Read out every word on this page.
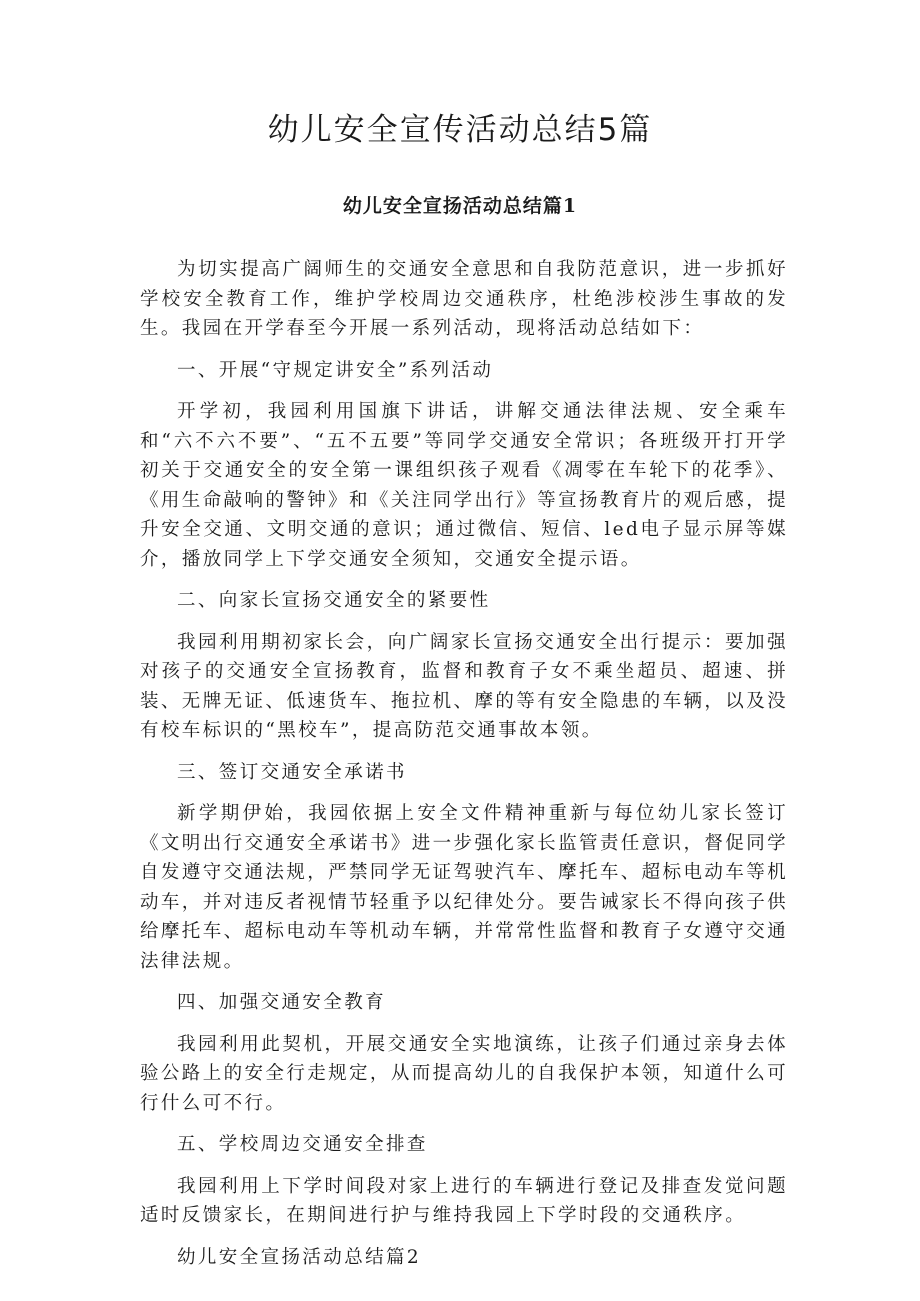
幼儿安全宣传活动总结5篇
幼儿安全宣扬活动总结篇1

为切实提高广阔师生的交通安全意思和自我防范意识，进一步抓好学校安全教育工作，维护学校周边交通秩序，杜绝涉校涉生事故的发生。我园在开学春至今开展一系列活动，现将活动总结如下：

一、开展“守规定讲安全”系列活动

开学初，我园利用国旗下讲话，讲解交通法律法规、安全乘车和“六不六不要”、“五不五要”等同学交通安全常识；各班级开打开学初关于交通安全的安全第一课组织孩子观看《凋零在车轮下的花季》、《用生命敲响的警钟》和《关注同学出行》等宣扬教育片的观后感，提升安全交通、文明交通的意识；通过微信、短信、led电子显示屏等媒介，播放同学上下学交通安全须知，交通安全提示语。

二、向家长宣扬交通安全的紧要性

我园利用期初家长会，向广阔家长宣扬交通安全出行提示：要加强对孩子的交通安全宣扬教育，监督和教育子女不乘坐超员、超速、拼装、无牌无证、低速货车、拖拉机、摩的等有安全隐患的车辆，以及没有校车标识的“黑校车”，提高防范交通事故本领。

三、签订交通安全承诺书

新学期伊始，我园依据上安全文件精神重新与每位幼儿家长签订《文明出行交通安全承诺书》进一步强化家长监管责任意识，督促同学自发遵守交通法规，严禁同学无证驾驶汽车、摩托车、超标电动车等机动车，并对违反者视情节轻重予以纪律处分。要告诫家长不得向孩子供给摩托车、超标电动车等机动车辆，并常常性监督和教育子女遵守交通法律法规。

四、加强交通安全教育

我园利用此契机，开展交通安全实地演练，让孩子们通过亲身去体验公路上的安全行走规定，从而提高幼儿的自我保护本领，知道什么可行什么可不行。

五、学校周边交通安全排查

我园利用上下学时间段对家上进行的车辆进行登记及排查发觉问题适时反馈家长，在期间进行护与维持我园上下学时段的交通秩序。

幼儿安全宣扬活动总结篇2
